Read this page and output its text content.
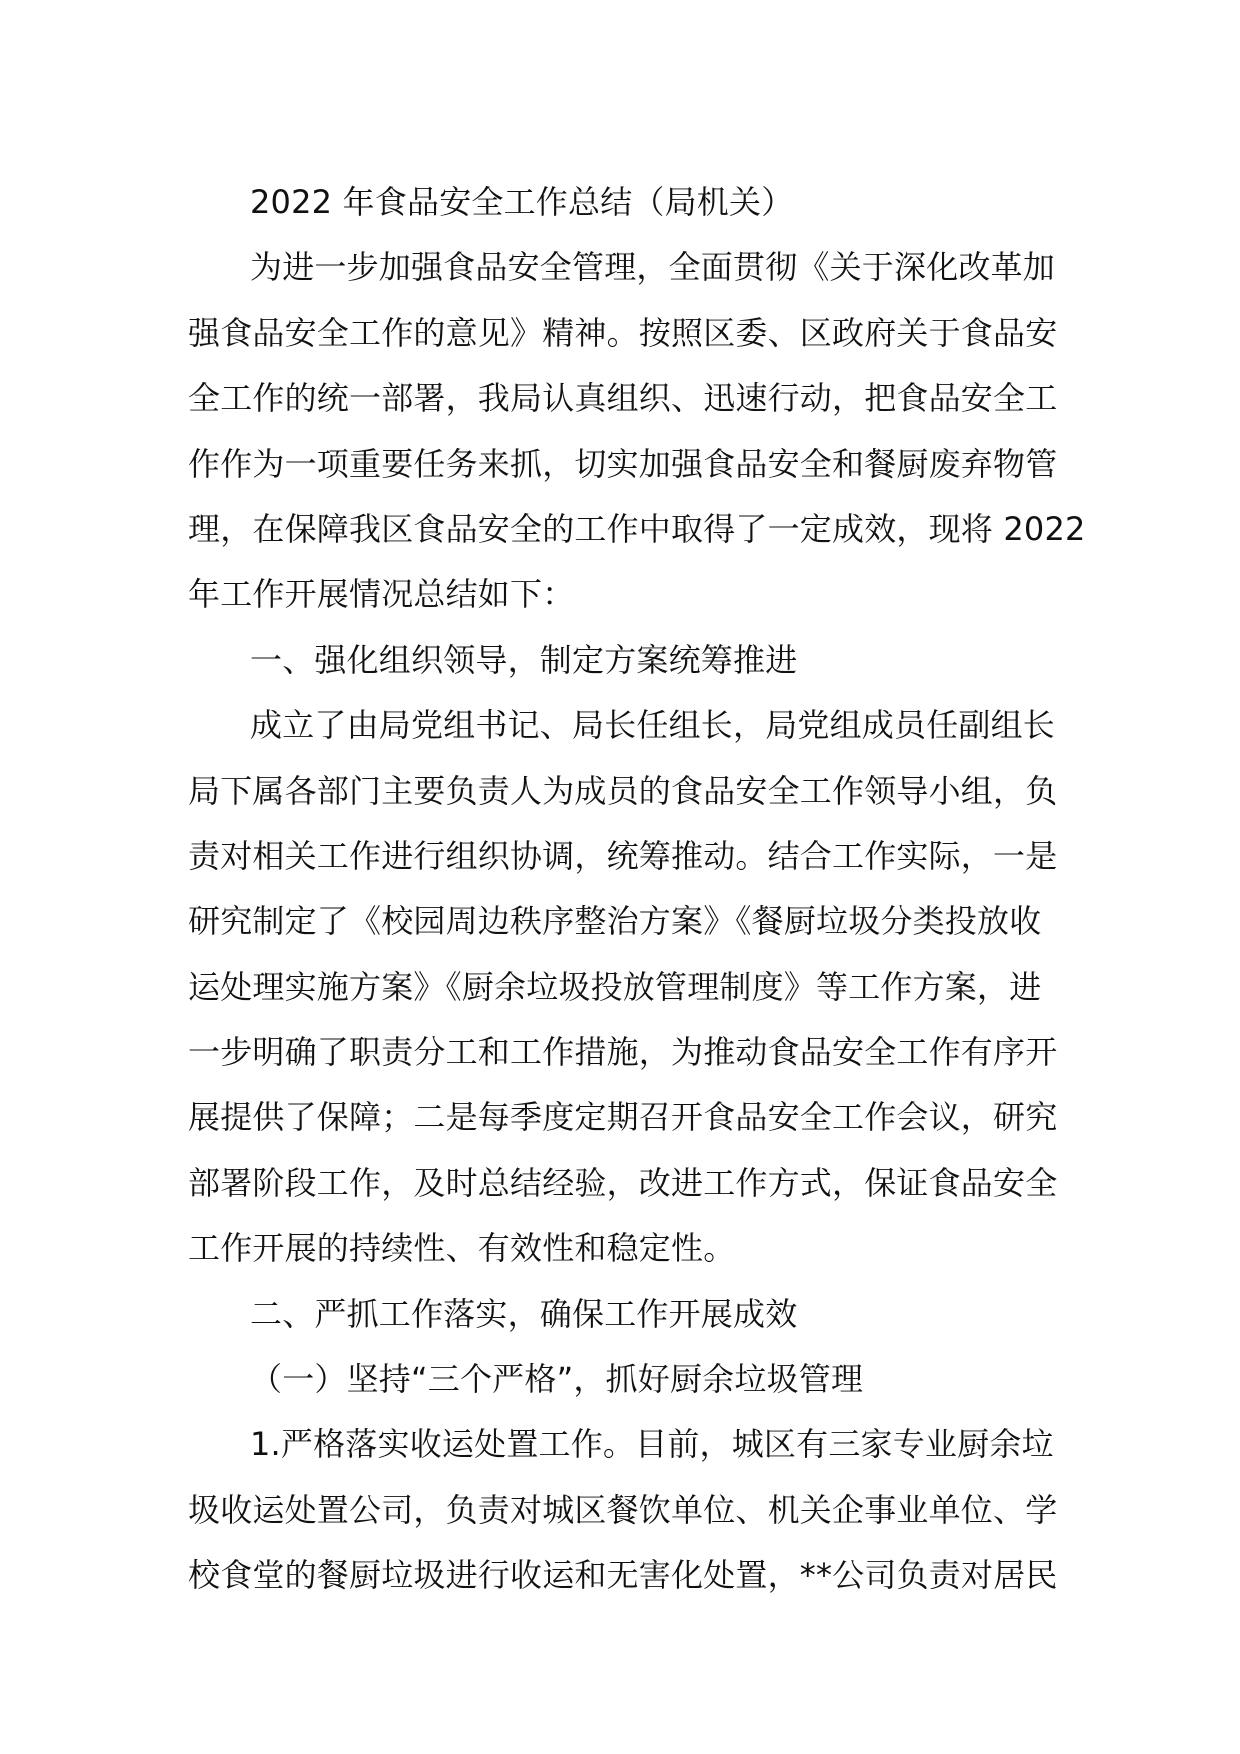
2022 年食品安全工作总结（局机关）
为进一步加强食品安全管理，全面贯彻《关于深化改革加
强食品安全工作的意见》精神。按照区委、区政府关于食品安
全工作的统一部署，我局认真组织、迅速行动，把食品安全工
作作为一项重要任务来抓，切实加强食品安全和餐厨废弃物管
理，在保障我区食品安全的工作中取得了一定成效，现将 2022
年工作开展情况总结如下：
一、强化组织领导，制定方案统筹推进
成立了由局党组书记、局长任组长，局党组成员任副组长
局下属各部门主要负责人为成员的食品安全工作领导小组，负
责对相关工作进行组织协调，统筹推动。结合工作实际，一是
研究制定了《校园周边秩序整治方案》《餐厨垃圾分类投放收
运处理实施方案》《厨余垃圾投放管理制度》等工作方案，进
一步明确了职责分工和工作措施，为推动食品安全工作有序开
展提供了保障；二是每季度定期召开食品安全工作会议，研究
部署阶段工作，及时总结经验，改进工作方式，保证食品安全
工作开展的持续性、有效性和稳定性。
二、严抓工作落实，确保工作开展成效
（一）坚持“三个严格”，抓好厨余垃圾管理
1.严格落实收运处置工作。目前，城区有三家专业厨余垃
圾收运处置公司，负责对城区餐饮单位、机关企事业单位、学
校食堂的餐厨垃圾进行收运和无害化处置，**公司负责对居民
